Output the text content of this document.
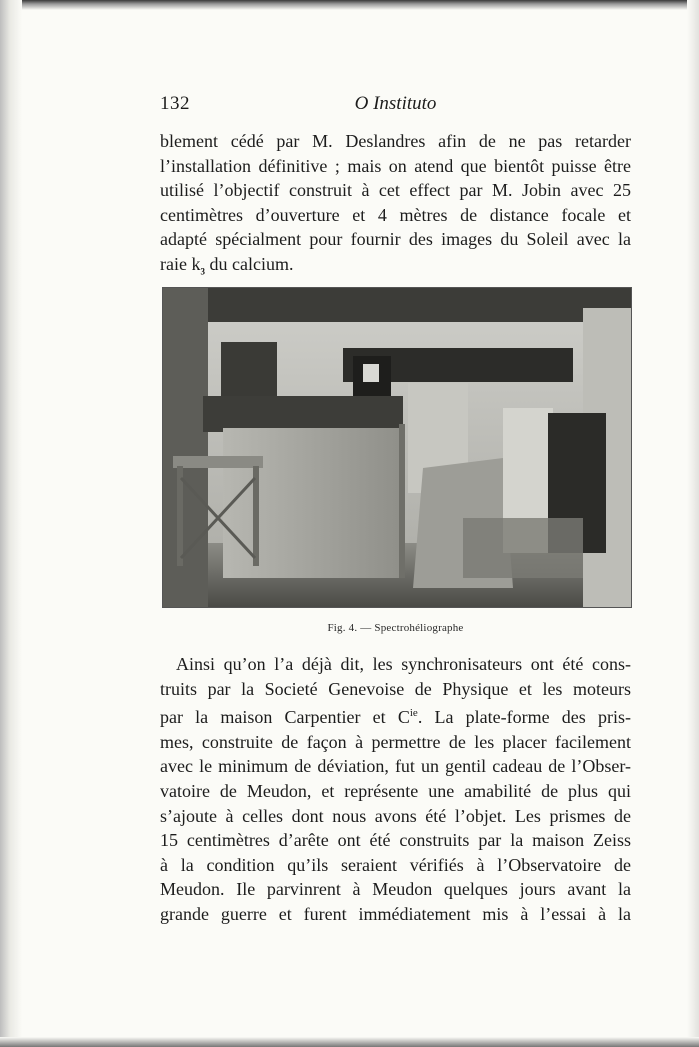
132	O Instituto
blement cédé par M. Deslandres afin de ne pas retarder
l’installation définitive ; mais on atend que bientôt puisse être
utilisé l’objectif construit à cet effect par M. Jobin avec 25
centimètres d’ouverture et 4 mètres de distance focale et
adapté spécialment pour fournir des images du Soleil avec la
raie $k_3$ du calcium.
Fig. 4. — Spectrohéliographe
Ainsi qu’on l’a déjà dit, les synchronisateurs ont été cons-
truits par la Societé Genevoise de Physique et les moteurs
par la maison Carpentier et $C^{ie}$. La plate-forme des pris-
mes, construite de façon à permettre de les placer facilement
avec le minimum de déviation, fut un gentil cadeau de l’Obser-
vatoire de Meudon, et représente une amabilité de plus qui
s’ajoute à celles dont nous avons été l’objet. Les prismes de
15 centimètres d’arête ont été construits par la maison Zeiss
à la condition qu’ils seraient vérifiés à l’Observatoire de
Meudon. Ile parvinrent à Meudon quelques jours avant la
grande guerre et furent immédiatement mis à l’essai à la
